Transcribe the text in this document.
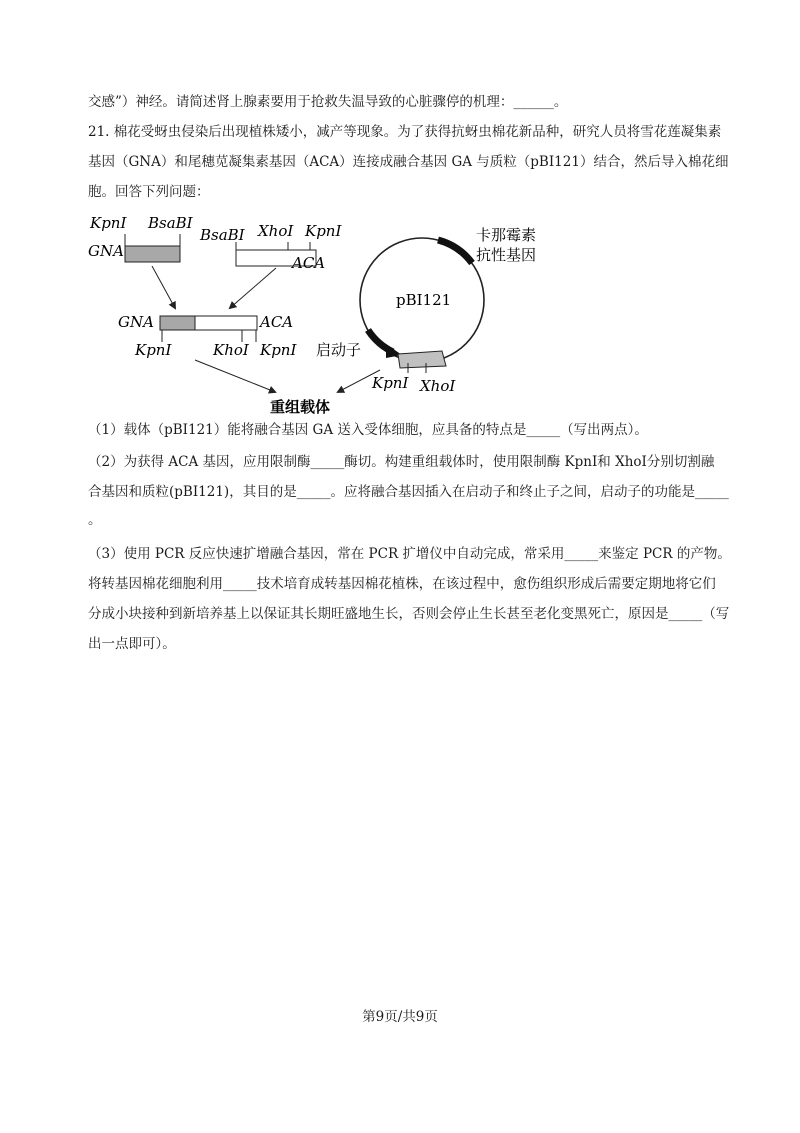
交感”）神经。请简述肾上腺素要用于抢救失温导致的心脏骤停的机理：______。
21. 棉花受蚜虫侵染后出现植株矮小，减产等现象。为了获得抗蚜虫棉花新品种，研究人员将雪花莲凝集素
基因（GNA）和尾穗苋凝集素基因（ACA）连接成融合基因 GA 与质粒（pBⅠ121）结合，然后导入棉花细
胞。回答下列问题：
KpnⅠ BsaBⅠ
GNA
BsaBⅠ XhoⅠ KpnⅠ
ACA
GNA	ACA
KpnⅠ	KhoⅠ KpnⅠ
pBI121
卡那霉素
抗性基因
启动子
KpnⅠ XhoⅠ
重组载体
（1）载体（pBⅠ121）能将融合基因 GA 送入受体细胞，应具备的特点是_____（写出两点）。
（2）为获得 ACA 基因，应用限制酶_____酶切。构建重组载体时，使用限制酶 KpnⅠ和 XhoⅠ分别切割融
合基因和质粒(pBⅠ121)，其目的是_____。应将融合基因插入在启动子和终止子之间，启动子的功能是_____
。
（3）使用 PCR 反应快速扩增融合基因，常在 PCR 扩增仪中自动完成，常采用_____来鉴定 PCR 的产物。
将转基因棉花细胞利用_____技术培育成转基因棉花植株，在该过程中，愈伤组织形成后需要定期地将它们
分成小块接种到新培养基上以保证其长期旺盛地生长，否则会停止生长甚至老化变黑死亡，原因是_____（写
出一点即可）。
第9页/共9页
